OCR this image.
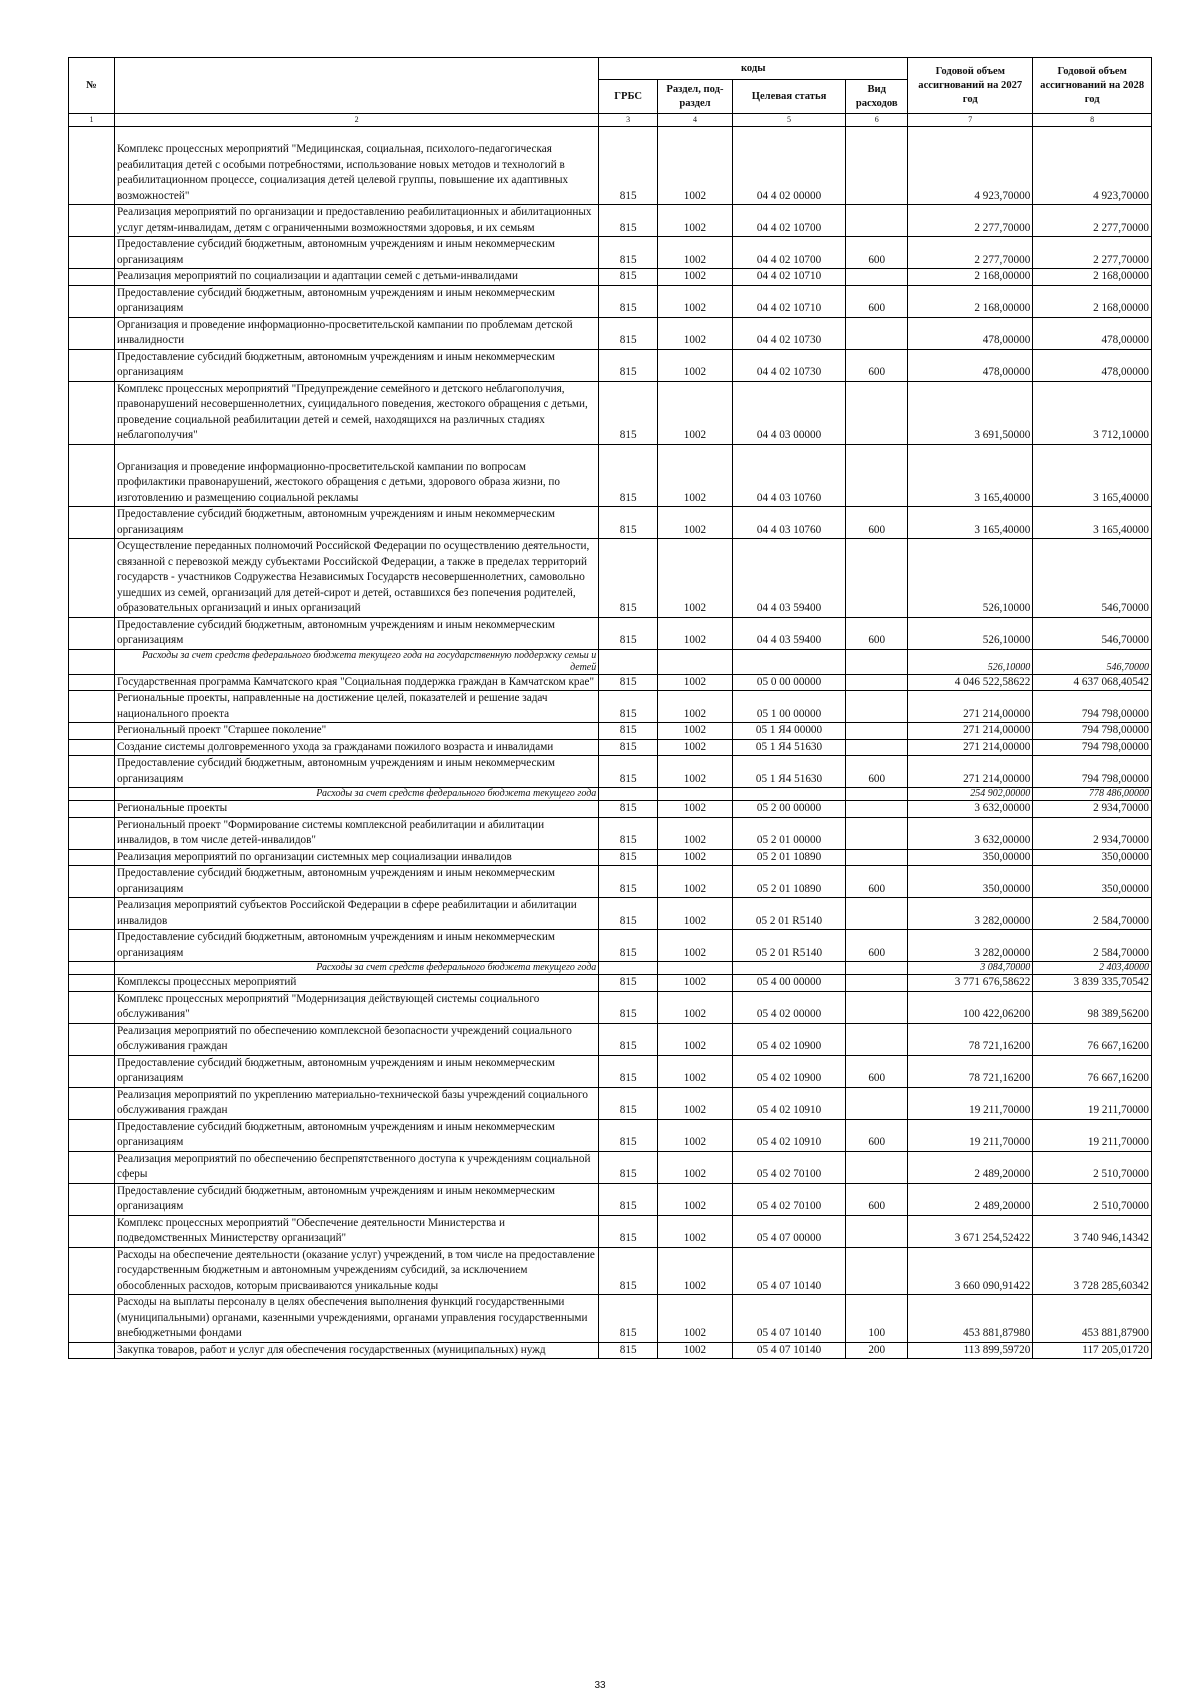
№		коды				Годовой объем ассигнований на 2027 год	Годовой объем ассигнований на 2028 год
		ГРБС	Раздел, под-раздел	Целевая статья	Вид расходов		
1	2	3	4	5	6	7	8
	Комплекс процессных мероприятий "Медицинская, социальная, психолого-педагогическая реабилитация детей с особыми потребностями, использование новых методов и технологий в реабилитационном процессе, социализация детей целевой группы, повышение их адаптивных возможностей"	815	1002	04 4 02 00000		4 923,70000	4 923,70000
	Реализация мероприятий по организации и предоставлению реабилитационных и абилитационных услуг детям-инвалидам, детям с ограниченными возможностями здоровья, и их семьям	815	1002	04 4 02 10700		2 277,70000	2 277,70000
	Предоставление субсидий бюджетным, автономным учреждениям и иным некоммерческим организациям	815	1002	04 4 02 10700	600	2 277,70000	2 277,70000
	Реализация мероприятий по социализации и адаптации семей с детьми-инвалидами	815	1002	04 4 02 10710		2 168,00000	2 168,00000
	Предоставление субсидий бюджетным, автономным учреждениям и иным некоммерческим организациям	815	1002	04 4 02 10710	600	2 168,00000	2 168,00000
	Организация и проведение информационно-просветительской кампании по проблемам детской инвалидности	815	1002	04 4 02 10730		478,00000	478,00000
	Предоставление субсидий бюджетным, автономным учреждениям и иным некоммерческим организациям	815	1002	04 4 02 10730	600	478,00000	478,00000
	Комплекс процессных мероприятий "Предупреждение семейного и детского неблагополучия, правонарушений несовершеннолетних, суицидального поведения, жестокого обращения с детьми, проведение социальной реабилитации детей и семей, находящихся на различных стадиях неблагополучия"	815	1002	04 4 03 00000		3 691,50000	3 712,10000
	Организация и проведение информационно-просветительской кампании по вопросам профилактики правонарушений, жестокого обращения с детьми, здорового образа жизни, по изготовлению и размещению социальной рекламы	815	1002	04 4 03 10760		3 165,40000	3 165,40000
	Предоставление субсидий бюджетным, автономным учреждениям и иным некоммерческим организациям	815	1002	04 4 03 10760	600	3 165,40000	3 165,40000
	Осуществление переданных полномочий Российской Федерации по осуществлению деятельности, связанной с перевозкой между субъектами Российской Федерации, а также в пределах территорий государств - участников Содружества Независимых Государств несовершеннолетних, самовольно ушедших из семей, организаций для детей-сирот и детей, оставшихся без попечения родителей, образовательных организаций и иных организаций	815	1002	04 4 03 59400		526,10000	546,70000
	Предоставление субсидий бюджетным, автономным учреждениям и иным некоммерческим организациям	815	1002	04 4 03 59400	600	526,10000	546,70000
	Расходы за счет средств федерального бюджета текущего года на государственную поддержку семьи и детей					526,10000	546,70000
	Государственная программа Камчатского края "Социальная поддержка граждан в Камчатском крае"	815	1002	05 0 00 00000		4 046 522,58622	4 637 068,40542
	Региональные проекты, направленные на достижение целей, показателей и решение задач национального проекта	815	1002	05 1 00 00000		271 214,00000	794 798,00000
	Региональный проект "Старшее поколение"	815	1002	05 1 Я4 00000		271 214,00000	794 798,00000
	Создание системы долговременного ухода за гражданами пожилого возраста и инвалидами	815	1002	05 1 Я4 51630		271 214,00000	794 798,00000
	Предоставление субсидий бюджетным, автономным учреждениям и иным некоммерческим организациям	815	1002	05 1 Я4 51630	600	271 214,00000	794 798,00000
	Расходы за счет средств федерального бюджета текущего года					254 902,00000	778 486,00000
	Региональные проекты	815	1002	05 2 00 00000		3 632,00000	2 934,70000
	Региональный проект "Формирование системы комплексной реабилитации и абилитации инвалидов, в том числе детей-инвалидов"	815	1002	05 2 01 00000		3 632,00000	2 934,70000
	Реализация мероприятий по организации системных мер социализации инвалидов	815	1002	05 2 01 10890		350,00000	350,00000
	Предоставление субсидий бюджетным, автономным учреждениям и иным некоммерческим организациям	815	1002	05 2 01 10890	600	350,00000	350,00000
	Реализация мероприятий субъектов Российской Федерации в сфере реабилитации и абилитации инвалидов	815	1002	05 2 01 R5140		3 282,00000	2 584,70000
	Предоставление субсидий бюджетным, автономным учреждениям и иным некоммерческим организациям	815	1002	05 2 01 R5140	600	3 282,00000	2 584,70000
	Расходы за счет средств федерального бюджета текущего года					3 084,70000	2 403,40000
	Комплексы процессных мероприятий	815	1002	05 4 00 00000		3 771 676,58622	3 839 335,70542
	Комплекс процессных мероприятий "Модернизация действующей системы социального обслуживания"	815	1002	05 4 02 00000		100 422,06200	98 389,56200
	Реализация мероприятий по обеспечению комплексной безопасности учреждений социального обслуживания граждан	815	1002	05 4 02 10900		78 721,16200	76 667,16200
	Предоставление субсидий бюджетным, автономным учреждениям и иным некоммерческим организациям	815	1002	05 4 02 10900	600	78 721,16200	76 667,16200
	Реализация мероприятий по укреплению материально-технической базы учреждений социального обслуживания граждан	815	1002	05 4 02 10910		19 211,70000	19 211,70000
	Предоставление субсидий бюджетным, автономным учреждениям и иным некоммерческим организациям	815	1002	05 4 02 10910	600	19 211,70000	19 211,70000
	Реализация мероприятий по обеспечению беспрепятственного доступа к учреждениям социальной сферы	815	1002	05 4 02 70100		2 489,20000	2 510,70000
	Предоставление субсидий бюджетным, автономным учреждениям и иным некоммерческим организациям	815	1002	05 4 02 70100	600	2 489,20000	2 510,70000
	Комплекс процессных мероприятий "Обеспечение деятельности Министерства и подведомственных Министерству организаций"	815	1002	05 4 07 00000		3 671 254,52422	3 740 946,14342
	Расходы на обеспечение деятельности (оказание услуг) учреждений, в том числе на предоставление государственным бюджетным и автономным учреждениям субсидий, за исключением обособленных расходов, которым присваиваются уникальные коды	815	1002	05 4 07 10140		3 660 090,91422	3 728 285,60342
	Расходы на выплаты персоналу в целях обеспечения выполнения функций государственными (муниципальными) органами, казенными учреждениями, органами управления государственными внебюджетными фондами	815	1002	05 4 07 10140	100	453 881,87980	453 881,87900
	Закупка товаров, работ и услуг для обеспечения государственных (муниципальных) нужд	815	1002	05 4 07 10140	200	113 899,59720	117 205,01720
33
